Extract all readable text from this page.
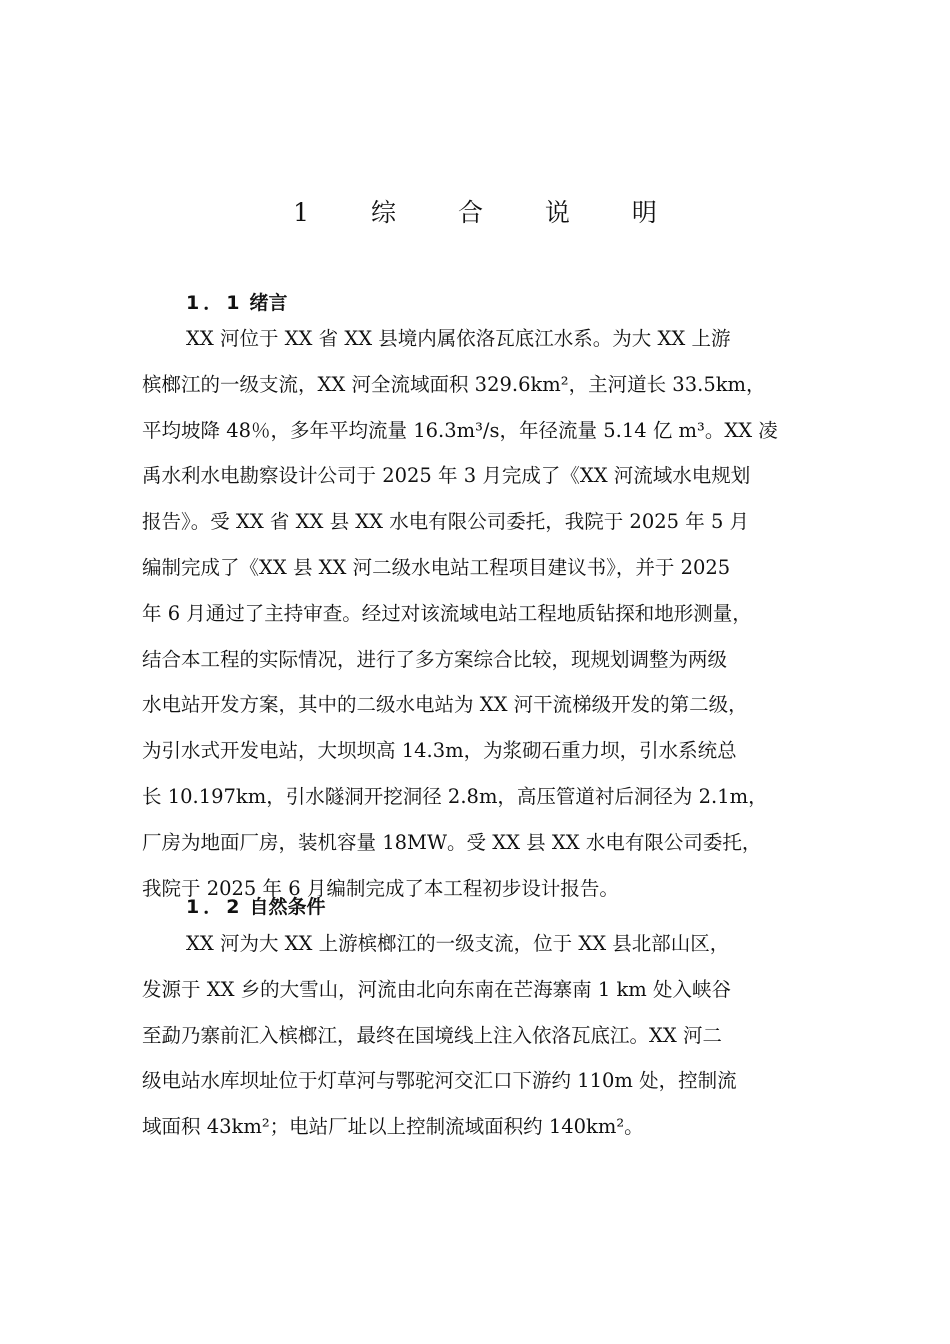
1 综 合 说 明
1．1 绪言
XX 河位于 XX 省 XX 县境内属依洛瓦底江水系。为大 XX 上游
槟榔江的一级支流，XX 河全流域面积 329.6km²，主河道长 33.5km，
平均坡降 48％，多年平均流量 16.3m³/s，年径流量 5.14 亿 m³。XX 凌
禹水利水电勘察设计公司于 2025 年 3 月完成了《XX 河流域水电规划
报告》。受 XX 省 XX 县 XX 水电有限公司委托，我院于 2025 年 5 月
编制完成了《XX 县 XX 河二级水电站工程项目建议书》，并于 2025
年 6 月通过了主持审查。经过对该流域电站工程地质钻探和地形测量，
结合本工程的实际情况，进行了多方案综合比较，现规划调整为两级
水电站开发方案，其中的二级水电站为 XX 河干流梯级开发的第二级，
为引水式开发电站，大坝坝高 14.3m，为浆砌石重力坝，引水系统总
长 10.197km，引水隧洞开挖洞径 2.8m，高压管道衬后洞径为 2.1m，
厂房为地面厂房，装机容量 18MW。受 XX 县 XX 水电有限公司委托，
我院于 2025 年 6 月编制完成了本工程初步设计报告。
1．2 自然条件
XX 河为大 XX 上游槟榔江的一级支流，位于 XX 县北部山区，
发源于 XX 乡的大雪山，河流由北向东南在芒海寨南 1 km 处入峡谷
至勐乃寨前汇入槟榔江，最终在国境线上注入依洛瓦底江。XX 河二
级电站水库坝址位于灯草河与鄂驼河交汇口下游约 110m 处，控制流
域面积 43km²；电站厂址以上控制流域面积约 140km²。
